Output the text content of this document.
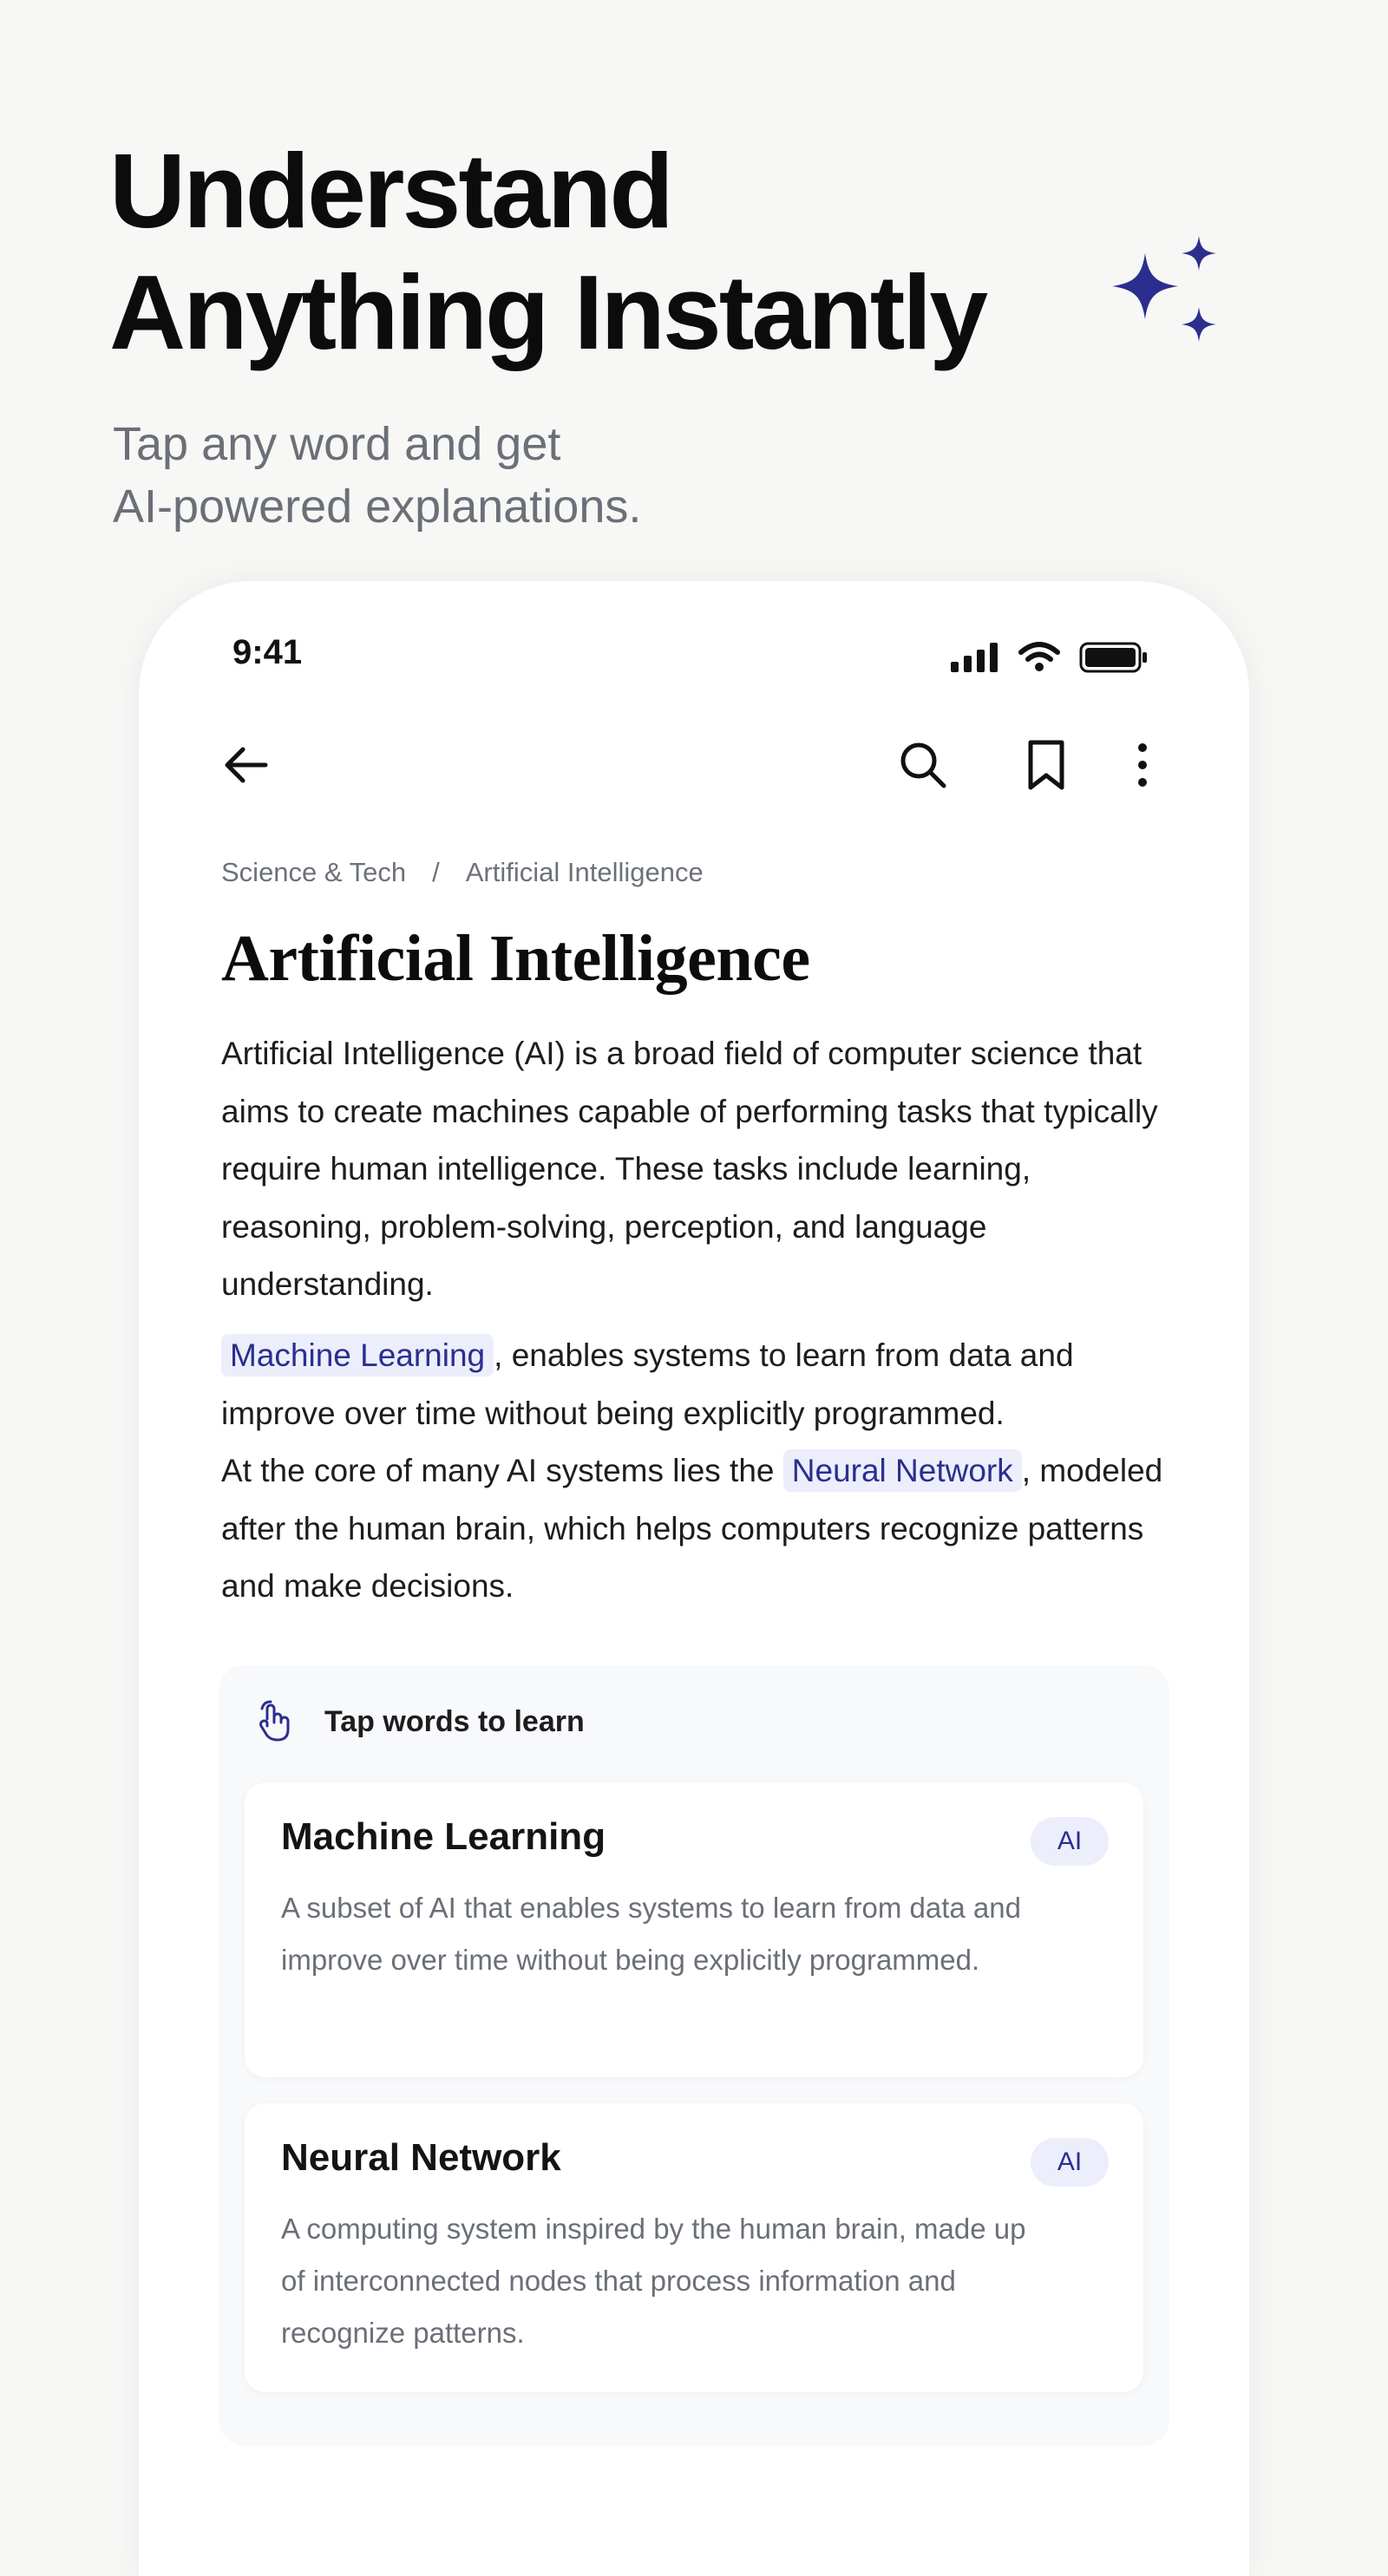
Understand
Anything Instantly

Tap any word and get
AI-powered explanations.

9:41
Science & Tech / Artificial Intelligence
Artificial Intelligence

Artificial Intelligence (AI) is a broad field of computer science that aims to create machines capable of performing tasks that typically require human intelligence. These tasks include learning, reasoning, problem-solving, perception, and language understanding.

Machine Learning , enables systems to learn from data and improve over time without being explicitly programmed.
At the core of many AI systems lies the Neural Network , modeled after the human brain, which helps computers recognize patterns and make decisions.

Tap words to learn
Machine Learning	AI

A subset of AI that enables systems to learn from data and improve over time without being explicitly programmed.

Neural Network	AI

A computing system inspired by the human brain, made up of interconnected nodes that process information and recognize patterns.
